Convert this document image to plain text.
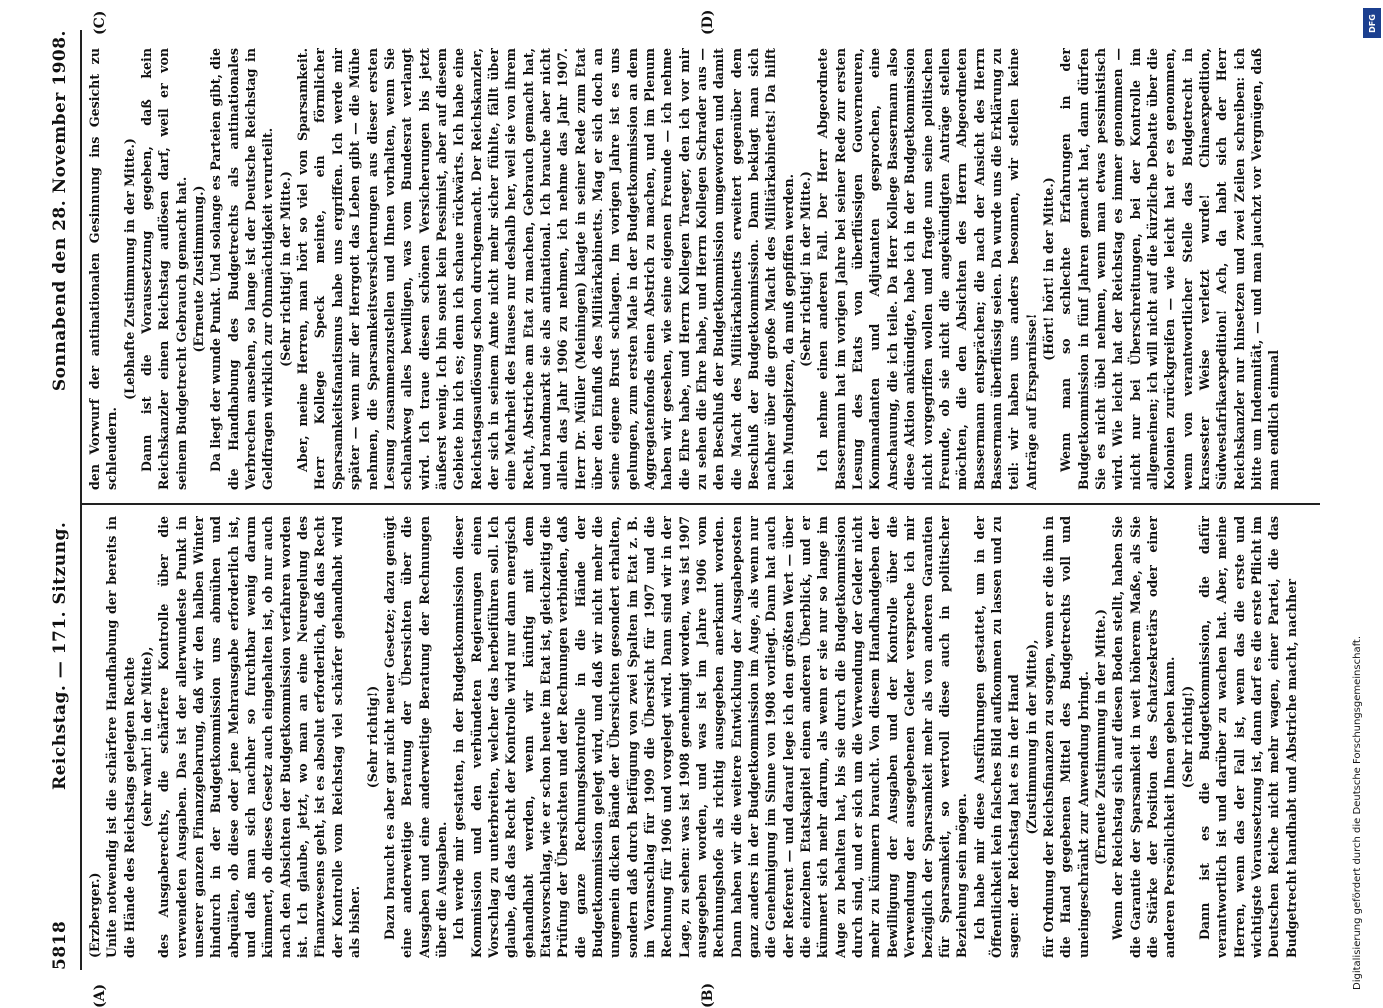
5818
Reichstag. — 171. Sitzung.
Sonnabend den 28. November 1908.
(A)	(B)
(C)	(D)

(Erzberger.) Unite notwendig ist die schärfere Handhabung der bereits in die Hände des Reichstags gelegten Rechte (sehr wahr! in der Mitte), des Ausgaberechts, die schärfere Kontrolle über die verwendeten Ausgaben. Das ist der allerwundeste Punkt in unserer ganzen Finanzgebarung, daß wir den halben Winter hindurch in der Budgetkommission uns abmühen und abquälen, ob diese oder jene Mehrausgabe erforderlich ist, und daß man sich nachher so furchtbar wenig darum kümmert, ob dieses Gesetz auch eingehalten ist, ob nur auch nach den Absichten der Budgetkommission verfahren worden ist. Ich glaube, jetzt, wo man an eine Neuregelung des Finanzwesens geht, ist es absolut erforderlich, daß das Recht der Kontrolle vom Reichstag viel schärfer gehandhabt wird als bisher.

(Sehr richtig!) Dazu braucht es aber gar nicht neuer Gesetze; dazu genügt eine anderweitige Beratung der Übersichten über die Ausgaben und eine anderweitige Beratung der Rechnungen über die Ausgaben. Ich werde mir gestatten, in der Budgetkommission dieser Kommission und den verbündeten Regierungen einen Vorschlag zu unterbreiten, welcher das herbeiführen soll. Ich glaube, daß das Recht der Kontrolle wird nur dann energisch gehandhabt werden, wenn wir künftig mit dem Etatsvorschlag, wie er schon heute im Etat ist, gleichzeitig die Prüfung der Übersichten und der Rechnungen verbinden, daß die ganze Rechnungskontrolle in die Hände der Budgetkommission gelegt wird, und daß wir nicht mehr die ungemein dicken Bände der Übersichten gesondert erhalten, sondern daß durch Beifügung von zwei Spalten im Etat z. B. im Voranschlag für 1909 die Übersicht für 1907 und die Rechnung für 1906 und vorgelegt wird. Dann sind wir in der Lage, zu sehen: was ist 1908 genehmigt worden, was ist 1907 ausgegeben worden, und was ist im Jahre 1906 vom Rechnungshofe als richtig ausgegeben anerkannt worden. Dann haben wir die weitere Entwicklung der Ausgabeposten ganz anders in der Budgetkommission im Auge, als wenn nur die Genehmigung im Sinne von 1908 vorliegt. Dann hat auch der Referent — und darauf lege ich den größten Wert — über die einzelnen Etatskapitel einen anderen Überblick, und er kümmert sich mehr darum, als wenn er sie nur so lange im Auge zu behalten hat, bis sie durch die Budgetkommission durch sind, und er sich um die Verwendung der Gelder nicht mehr zu kümmern braucht. Von diesem Handhandgeben der Bewilligung der Ausgaben und der Kontrolle über die Verwendung der ausgegebenen Gelder verspreche ich mir bezüglich der Sparsamkeit mehr als von anderen Garantien für Sparsamkeit, so wertvoll diese auch in politischer Beziehung sein mögen. Ich habe mir diese Ausführungen gestattet, um in der Öffentlichkeit kein falsches Bild aufkommen zu lassen und zu sagen: der Reichstag hat es in der Hand (Zustimmung in der Mitte), für Ordnung der Reichsfinanzen zu sorgen, wenn er die ihm in die Hand gegebenen Mittel des Budgetrechts voll und uneingeschränkt zur Anwendung bringt. (Erneute Zustimmung in der Mitte.) Wenn der Reichstag sich auf diesen Boden stellt, haben Sie die Garantie der Sparsamkeit in weit höherem Maße, als Sie die Stärke der Position des Schatzsekretärs oder einer anderen Persönlichkeit Ihnen geben kann. (Sehr richtig!) Dann ist es die Budgetkommission, die dafür verantwortlich ist und darüber zu wachen hat. Aber, meine Herren, wenn das der Fall ist, wenn das die erste und wichtigste Voraussetzung ist, dann darf es die erste Pflicht im Deutschen Reiche nicht mehr wagen, einer Partei, die das Budgetrecht handhabt und Abstriche macht, nachher

den Vorwurf der antinationalen Gesinnung ins Gesicht zu schleudern.

(Lebhafte Zustimmung in der Mitte.) Dann ist die Voraussetzung gegeben, daß kein Reichskanzler einen Reichstag auflösen darf, weil er von seinem Budgetrecht Gebrauch gemacht hat. (Erneute Zustimmung.) Da liegt der wunde Punkt. Und solange es Parteien gibt, die die Handhabung des Budgetrechts als antinationales Verbrechen ansehen, so lange ist der Deutsche Reichstag in Geldfragen wirklich zur Ohnmächtigkeit verurteilt. (Sehr richtig! in der Mitte.) Aber, meine Herren, man hört so viel von Sparsamkeit. Herr Kollege Speck meinte, ein förmlicher Sparsamkeitsfanatismus habe uns ergriffen. Ich werde mir später — wenn mir der Herrgott das Leben gibt — die Mühe nehmen, die Sparsamkeitsversicherungen aus dieser ersten Lesung zusammenzustellen und Ihnen vorhalten, wenn Sie schlankweg alles bewilligen, was vom Bundesrat verlangt wird. Ich traue diesen schönen Versicherungen bis jetzt äußerst wenig. Ich bin sonst kein Pessimist, aber auf diesem Gebiete bin ich es; denn ich schaue rückwärts. Ich habe eine Reichstagsauflösung schon durchgemacht. Der Reichskanzler, der sich in seinem Amte nicht mehr sicher fühlte, fällt über eine Mehrheit des Hauses nur deshalb her, weil sie von ihrem Recht, Abstriche am Etat zu machen, Gebrauch gemacht hat, und brandmarkt sie als antinational. Ich brauche aber nicht allein das Jahr 1906 zu nehmen, ich nehme das Jahr 1907. Herr Dr. Müller (Meiningen) klagte in seiner Rede zum Etat über den Einfluß des Militärkabinetts. Mag er sich doch an seine eigene Brust schlagen. Im vorigen Jahre ist es uns gelungen, zum ersten Male in der Budgetkommission an dem Aggregatenfonds einen Abstrich zu machen, und im Plenum haben wir gesehen, wie seine eigenen Freunde — ich nehme die Ehre habe, und Herrn Kollegen Traeger, den ich vor mir zu sehen die Ehre habe, und Herrn Kollegen Schrader aus — den Beschluß der Budgetkommission umgeworfen und damit die Macht des Militärkabinetts erweitert gegenüber dem Beschluß der Budgetkommission. Dann beklagt man sich nachher über die große Macht des Militärkabinetts! Da hilft kein Mundspitzen, da muß gepfiffen werden. (Sehr richtig! in der Mitte.) Ich nehme einen anderen Fall. Der Herr Abgeordnete Bassermann hat im vorigen Jahre bei seiner Rede zur ersten Lesung des Etats von überflüssigen Gouverneuren, Kommandanten und Adjutanten gesprochen, eine Anschauung, die ich teile. Da Herr Kollege Bassermann also diese Aktion ankündigte, habe ich in der Budgetkommission nicht vorgegriffen wollen und fragte nun seine politischen Freunde, ob sie nicht die angekündigten Anträge stellen möchten, die den Absichten des Herrn Abgeordneten Bassermann entsprächen; die nach der Ansicht des Herrn Bassermann überflüssig seien. Da wurde uns die Erklärung zu teil: wir haben uns anders besonnen, wir stellen keine Anträge auf Ersparnisse!

(Hört! hört! in der Mitte.) Wenn man so schlechte Erfahrungen in der Budgetkommission in fünf Jahren gemacht hat, dann dürfen Sie es nicht übel nehmen, wenn man etwas pessimistisch wird. Wie leicht hat der Reichstag es immer genommen — nicht nur bei Überschreitungen, bei der Kontrolle im allgemeinen; ich will nicht auf die kürzliche Debatte über die Kolonien zurückgreifen — wie leicht hat er es genommen, wenn von verantwortlicher Stelle das Budgetrecht in krassester Weise verletzt wurde! Chinaexpedition, Südwestafrikaexpedition! Ach, da habt sich der Herr Reichskanzler nur hinsetzen und zwei Zeilen schreiben: ich bitte um Indemnität, — und man jauchzt vor Vergnügen, daß man endlich einmal

Digitalisierung gefördert durch die Deutsche Forschungsgemeinschaft.
DFG
